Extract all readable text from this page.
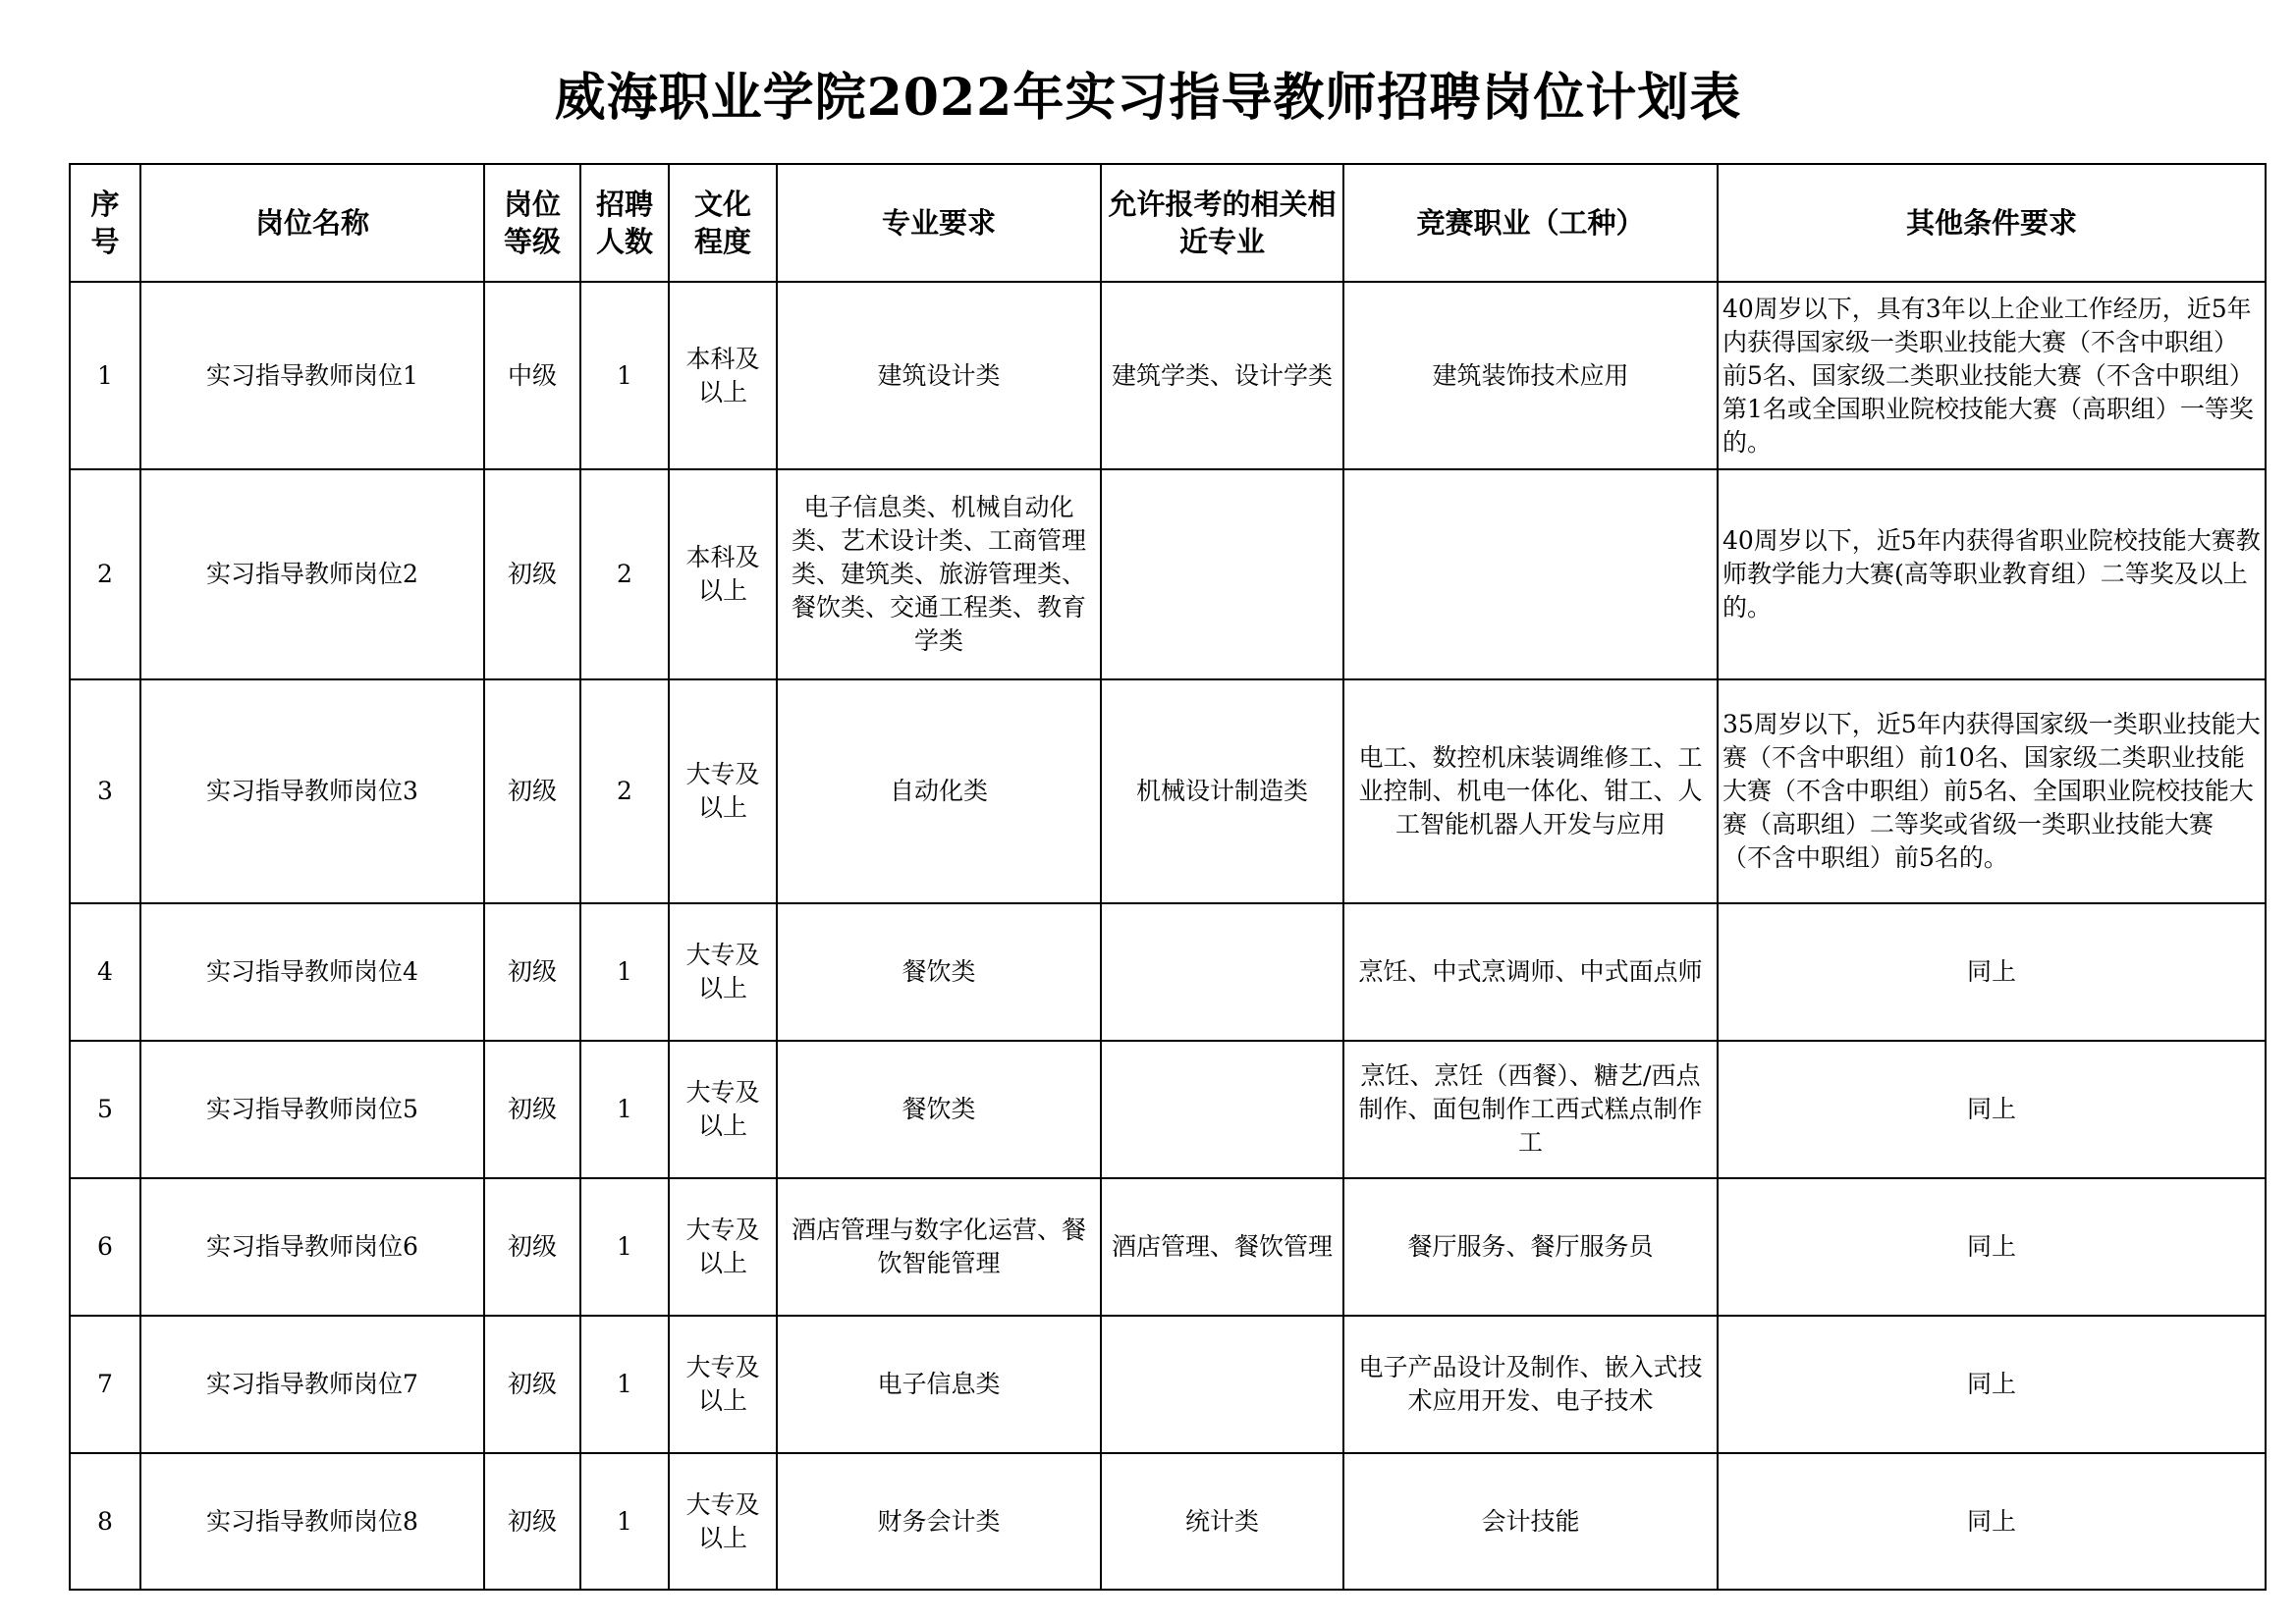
威海职业学院2022年实习指导教师招聘岗位计划表
序号	岗位名称	岗位等级	招聘人数	文化程度	专业要求	允许报考的相关相近专业	竞赛职业（工种）	其他条件要求
1	实习指导教师岗位1	中级	1	本科及以上	建筑设计类	建筑学类、设计学类	建筑装饰技术应用	40周岁以下，具有3年以上企业工作经历，近5年内获得国家级一类职业技能大赛（不含中职组）前5名、国家级二类职业技能大赛（不含中职组）第1名或全国职业院校技能大赛（高职组）一等奖的。
2	实习指导教师岗位2	初级	2	本科及以上	电子信息类、机械自动化类、艺术设计类、工商管理类、建筑类、旅游管理类、餐饮类、交通工程类、教育学类			40周岁以下，近5年内获得省职业院校技能大赛教师教学能力大赛(高等职业教育组）二等奖及以上的。
3	实习指导教师岗位3	初级	2	大专及以上	自动化类	机械设计制造类	电工、数控机床装调维修工、工业控制、机电一体化、钳工、人工智能机器人开发与应用	35周岁以下，近5年内获得国家级一类职业技能大赛（不含中职组）前10名、国家级二类职业技能大赛（不含中职组）前5名、全国职业院校技能大赛（高职组）二等奖或省级一类职业技能大赛（不含中职组）前5名的。
4	实习指导教师岗位4	初级	1	大专及以上	餐饮类		烹饪、中式烹调师、中式面点师	同上
5	实习指导教师岗位5	初级	1	大专及以上	餐饮类		烹饪、烹饪（西餐）、糖艺/西点制作、面包制作工西式糕点制作工	同上
6	实习指导教师岗位6	初级	1	大专及以上	酒店管理与数字化运营、餐饮智能管理	酒店管理、餐饮管理	餐厅服务、餐厅服务员	同上
7	实习指导教师岗位7	初级	1	大专及以上	电子信息类		电子产品设计及制作、嵌入式技术应用开发、电子技术	同上
8	实习指导教师岗位8	初级	1	大专及以上	财务会计类	统计类	会计技能	同上
